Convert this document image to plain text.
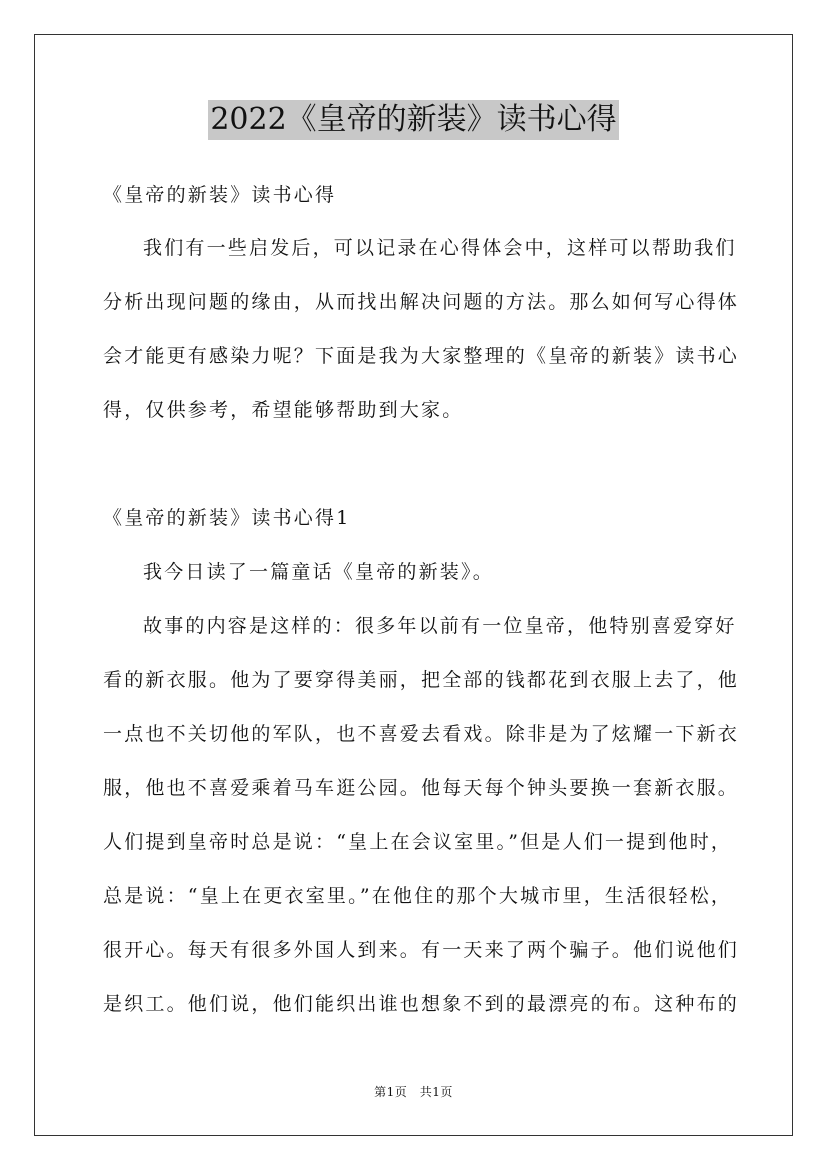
2022《皇帝的新装》读书心得
《皇帝的新装》读书心得
我们有一些启发后，可以记录在心得体会中，这样可以帮助我们
分析出现问题的缘由，从而找出解决问题的方法。那么如何写心得体
会才能更有感染力呢？下面是我为大家整理的《皇帝的新装》读书心
得，仅供参考，希望能够帮助到大家。
《皇帝的新装》读书心得1
我今日读了一篇童话《皇帝的新装》。
故事的内容是这样的：很多年以前有一位皇帝，他特别喜爱穿好
看的新衣服。他为了要穿得美丽，把全部的钱都花到衣服上去了，他
一点也不关切他的军队，也不喜爱去看戏。除非是为了炫耀一下新衣
服，他也不喜爱乘着马车逛公园。他每天每个钟头要换一套新衣服。
人们提到皇帝时总是说：“皇上在会议室里。”但是人们一提到他时，
总是说：“皇上在更衣室里。”在他住的那个大城市里，生活很轻松，
很开心。每天有很多外国人到来。有一天来了两个骗子。他们说他们
是织工。他们说，他们能织出谁也想象不到的最漂亮的布。这种布的
第1页　共1页
